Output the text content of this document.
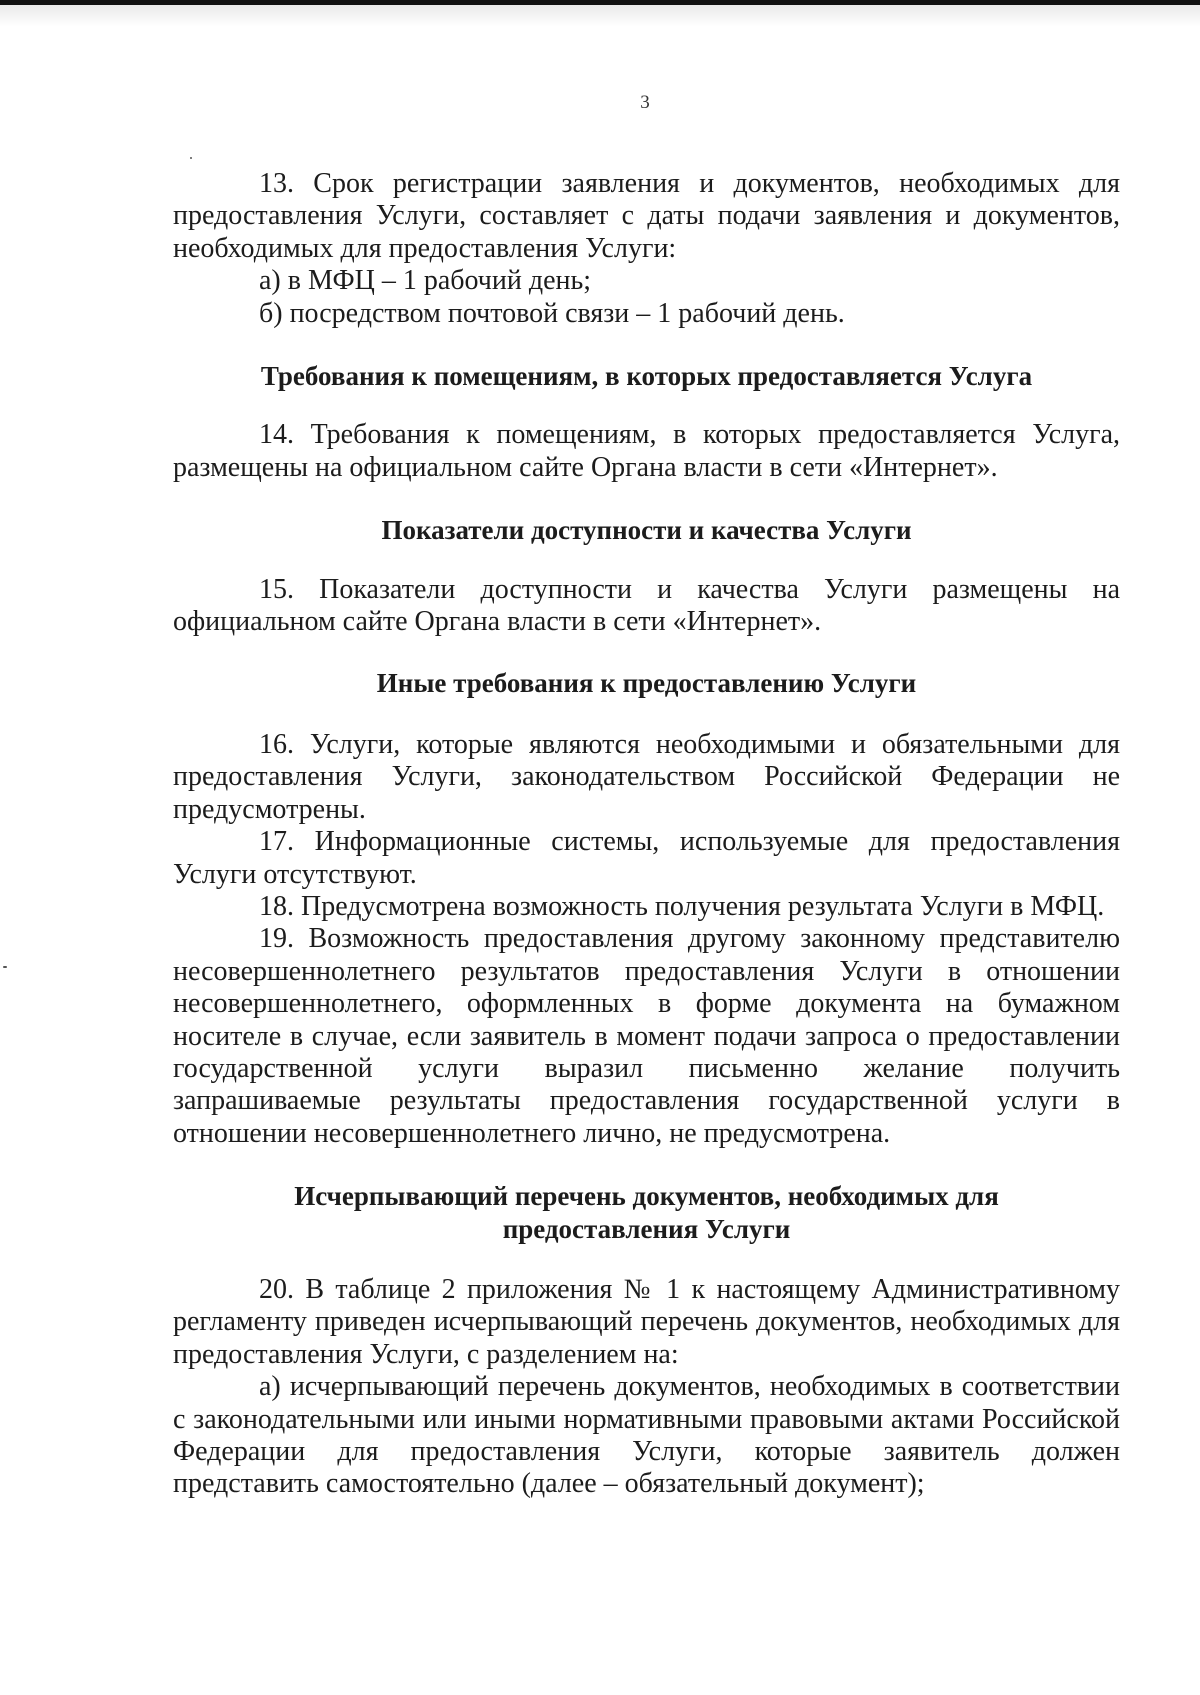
3

13. Срок регистрации заявления и документов, необходимых для предоставления Услуги, составляет с даты подачи заявления и документов, необходимых для предоставления Услуги:

а) в МФЦ – 1 рабочий день;

б) посредством почтовой связи – 1 рабочий день.

Требования к помещениям, в которых предоставляется Услуга

14. Требования к помещениям, в которых предоставляется Услуга, размещены на официальном сайте Органа власти в сети «Интернет».

Показатели доступности и качества Услуги

15. Показатели доступности и качества Услуги размещены на официальном сайте Органа власти в сети «Интернет».

Иные требования к предоставлению Услуги

16. Услуги, которые являются необходимыми и обязательными для предоставления Услуги, законодательством Российской Федерации не предусмотрены.

17. Информационные системы, используемые для предоставления Услуги отсутствуют.

18. Предусмотрена возможность получения результата Услуги в МФЦ.

19. Возможность предоставления другому законному представителю несовершеннолетнего результатов предоставления Услуги в отношении несовершеннолетнего, оформленных в форме документа на бумажном носителе в случае, если заявитель в момент подачи запроса о предоставлении государственной услуги выразил письменно желание получить запрашиваемые результаты предоставления государственной услуги в отношении несовершеннолетнего лично, не предусмотрена.

Исчерпывающий перечень документов, необходимых для
предоставления Услуги

20. В таблице 2 приложения № 1 к настоящему Административному регламенту приведен исчерпывающий перечень документов, необходимых для предоставления Услуги, с разделением на:

а) исчерпывающий перечень документов, необходимых в соответствии с законодательными или иными нормативными правовыми актами Российской Федерации для предоставления Услуги, которые заявитель должен представить самостоятельно (далее – обязательный документ);
